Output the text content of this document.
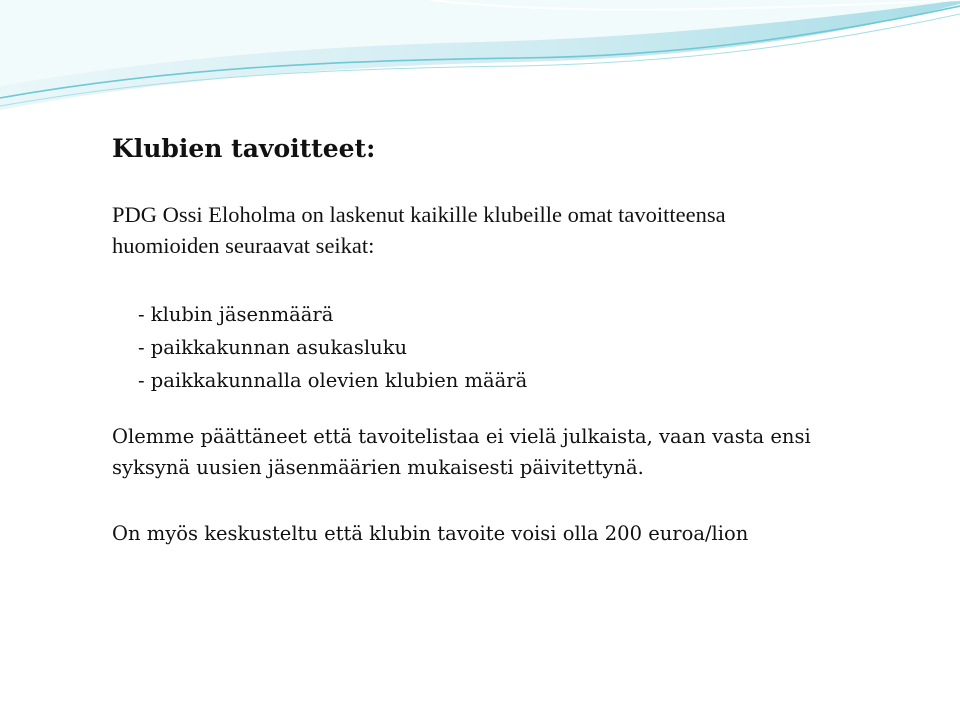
Klubien tavoitteet:

PDG Ossi Eloholma on laskenut kaikille klubeille omat tavoitteensa
huomioiden seuraavat seikat:

- klubin jäsenmäärä
- paikkakunnan asukasluku
- paikkakunnalla olevien klubien määrä

Olemme päättäneet että tavoitelistaa ei vielä julkaista, vaan vasta ensi
syksynä uusien jäsenmäärien mukaisesti päivitettynä.

On myös keskusteltu että klubin tavoite voisi olla 200 euroa/lion
